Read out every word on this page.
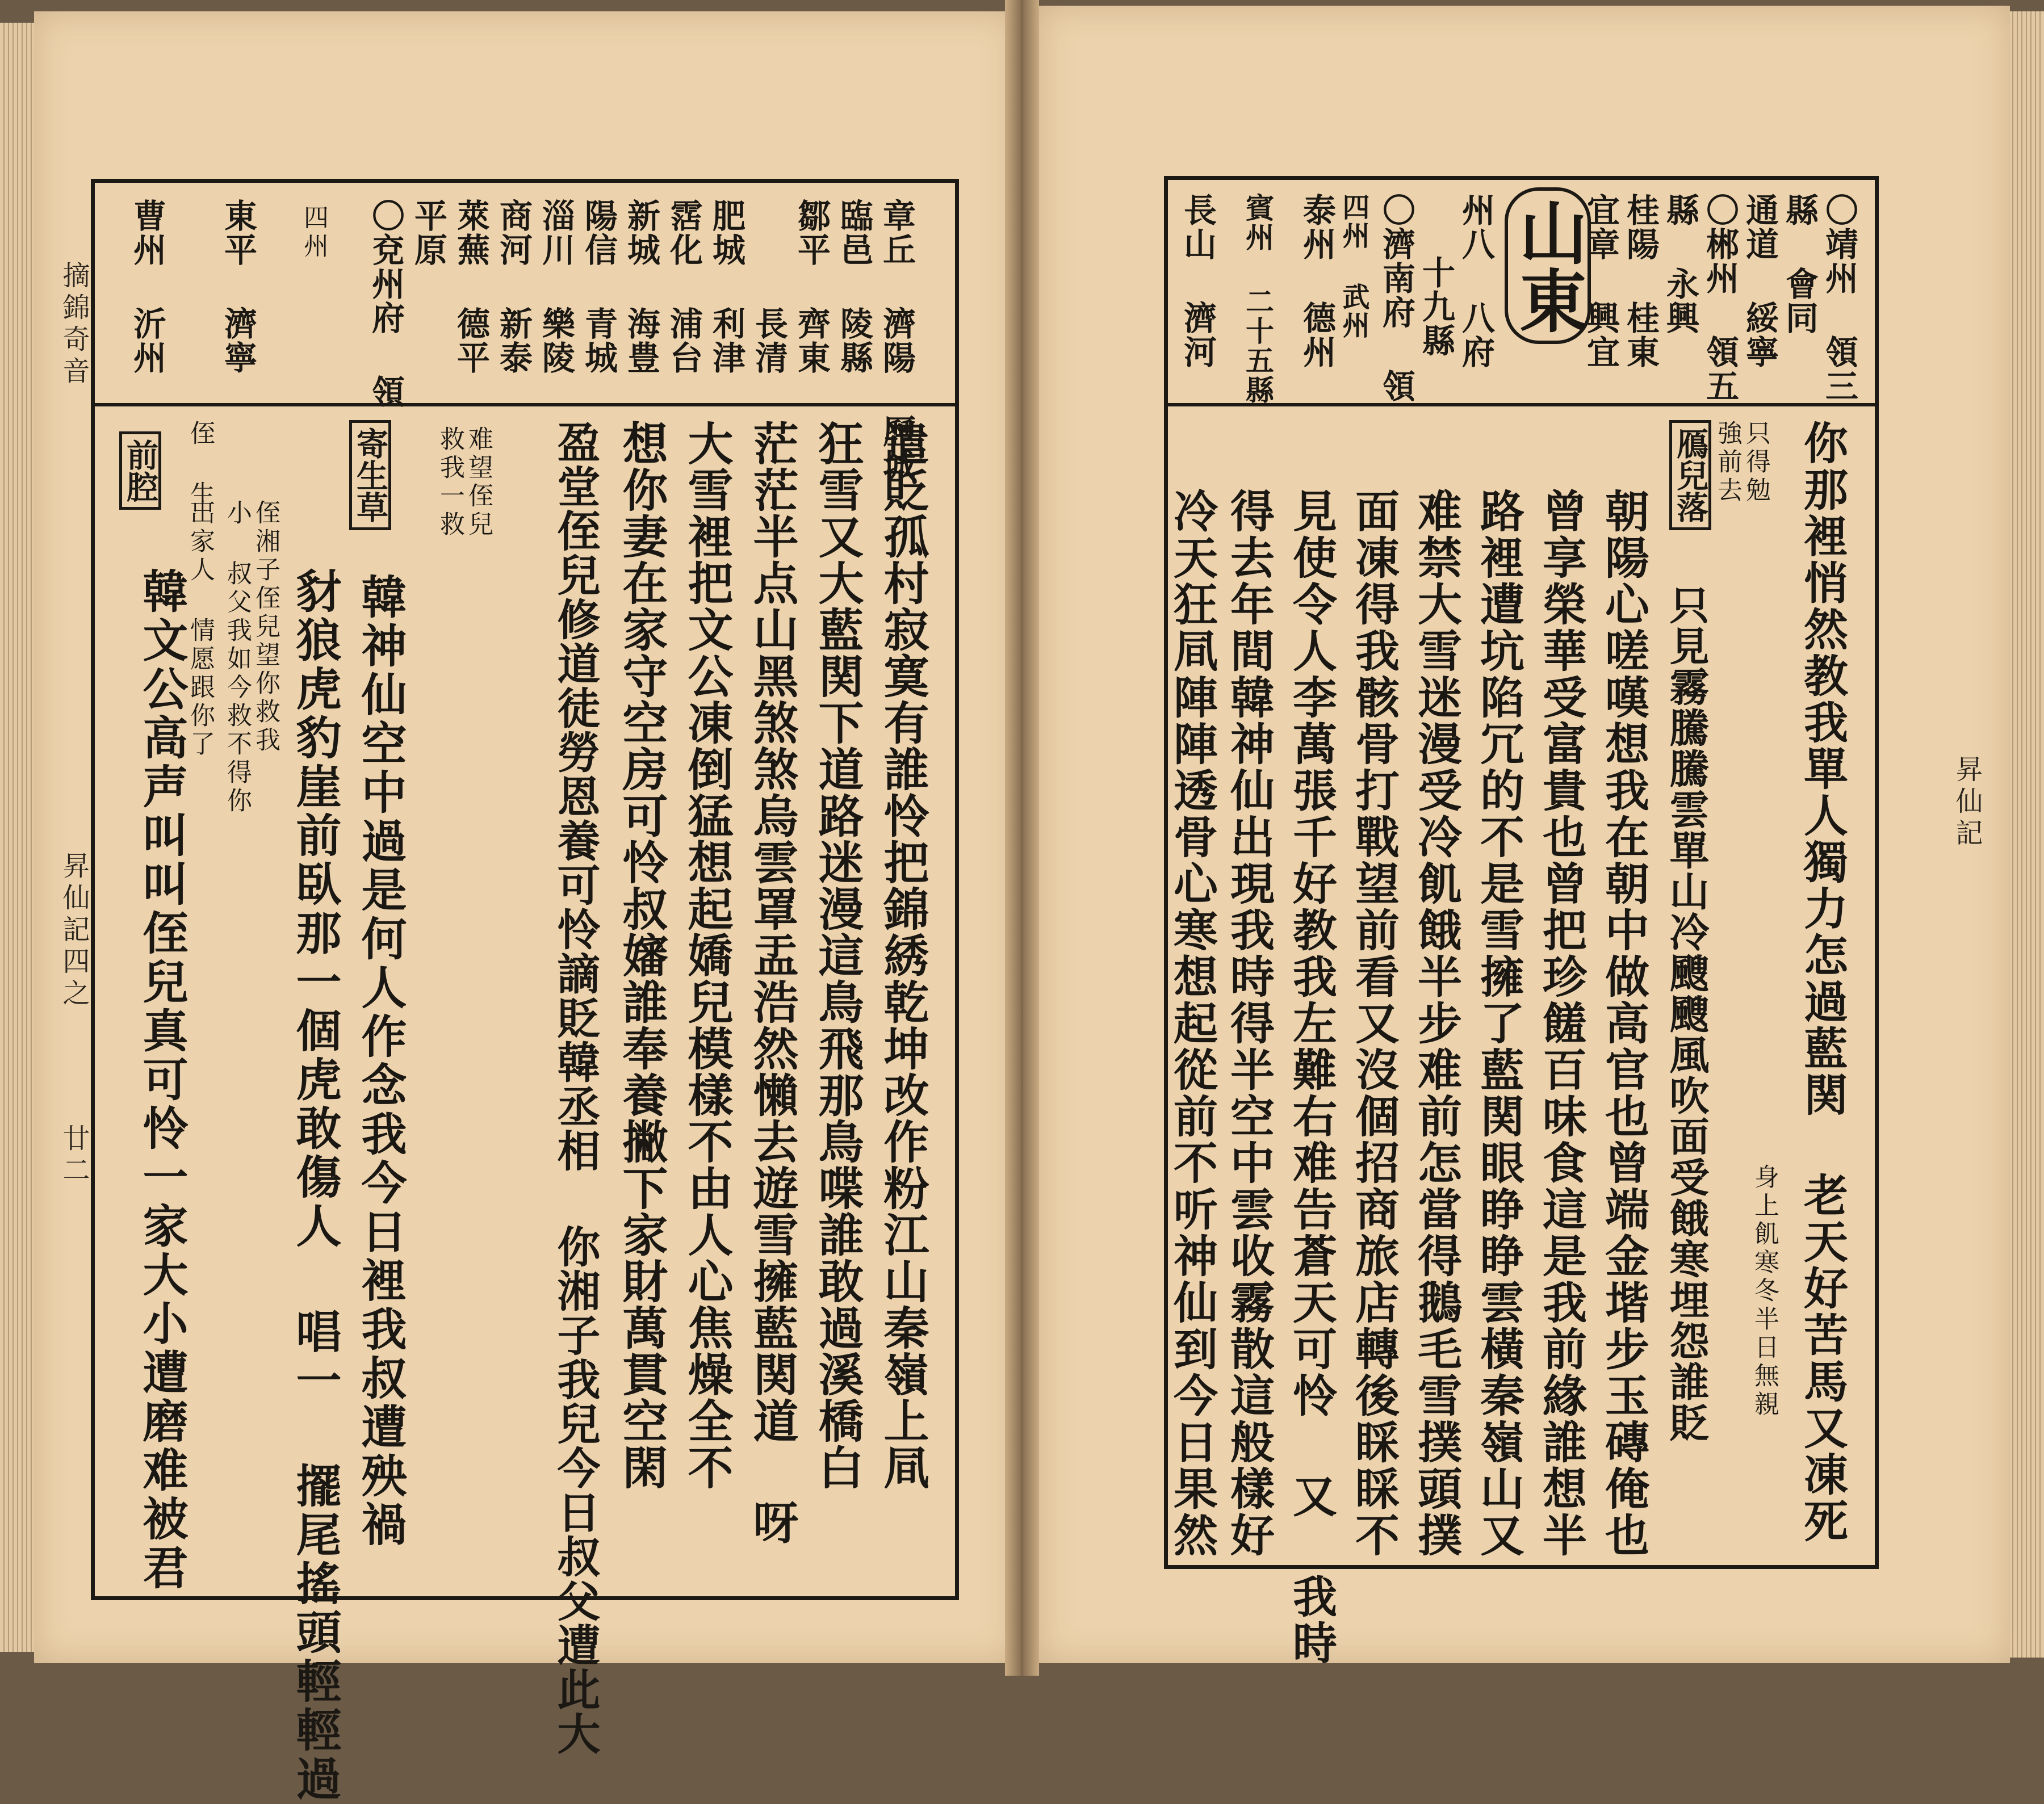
摘錦奇音
昇仙記四之
廿二
章丘 濟陽 歷城
臨邑 陵縣
鄒平 齊東
長清
肥城 利津
霑化 浦台
新城 海豊
陽信 青城
淄川 樂陵
商河 新泰
萊蕪 德平
平原
〇兗州府 領
四州
東平 濟寧
曹州 沂州
遣貶孤村寂寞有誰怜把錦綉乾坤改作粉江山秦嶺上凬
狂雪又大藍関下道路迷漫這鳥飛那鳥喋誰敢過溪橋白
茫茫半点山黑煞煞烏雲罩盂浩然懶去遊雪擁藍関道 呀
大雪裡把文公凍倒猛想起嬌兒模樣不由人心焦燥全不
想你妻在家守空房可怜叔嬸誰奉養撇下家財萬貫空閑
盈堂侄兒修道徒勞恩養可怜謫貶韓丞相 你湘子我兒今日叔父遭此大
寄生草
韓神仙空中過是何人作念我今日裡我叔遭殃禍
豺狼虎豹崖前臥那一個虎敢傷人 唱一 擺尾搖頭輕輕過
前腔
韓文公高声叫叫侄兒真可怜一家大小遭磨难被君
难望侄兒
救我一救
侄湘子侄兒望你救我
小 叔父我如今救不得你
出家人 情愿跟你了
侄 生
昇仙記
〇靖州 領三
縣 會同
通道 綏寧
〇郴州 領五
縣 永興
桂陽 桂東
宜章 興宜
山東
州八 八府
十九縣
〇濟南府 領
四州 武州
泰州 德州
賓州 二十五縣
長山 濟河
你那裡悄然教我單人獨力怎過藍関 老天好苦馬又凍死
只得勉
強前去
鴈兒落
只見霧騰騰雲單山冷颼颼風吹面受餓寒埋怨誰貶
朝陽心嗟嘆想我在朝中做高官也曾端金堦步玉磚俺也
曾享榮華受富貴也曾把珍饈百味食這是我前緣誰想半
路裡遭坑陷冗的不是雪擁了藍関眼睁睁雲橫秦嶺山又
难禁大雪迷漫受冷飢餓半步难前怎當得鵝毛雪撲頭撲
面凍得我骸骨打戰望前看又沒個招商旅店轉後睬睬不
見使令人李萬張千好教我左難右难告蒼天可怜 又 我時
得去年間韓神仙出現我時得半空中雲收霧散這般樣好
冷天狂凬陣陣透骨心寒想起從前不听神仙到今日果然	身上飢寒冬半日無親
